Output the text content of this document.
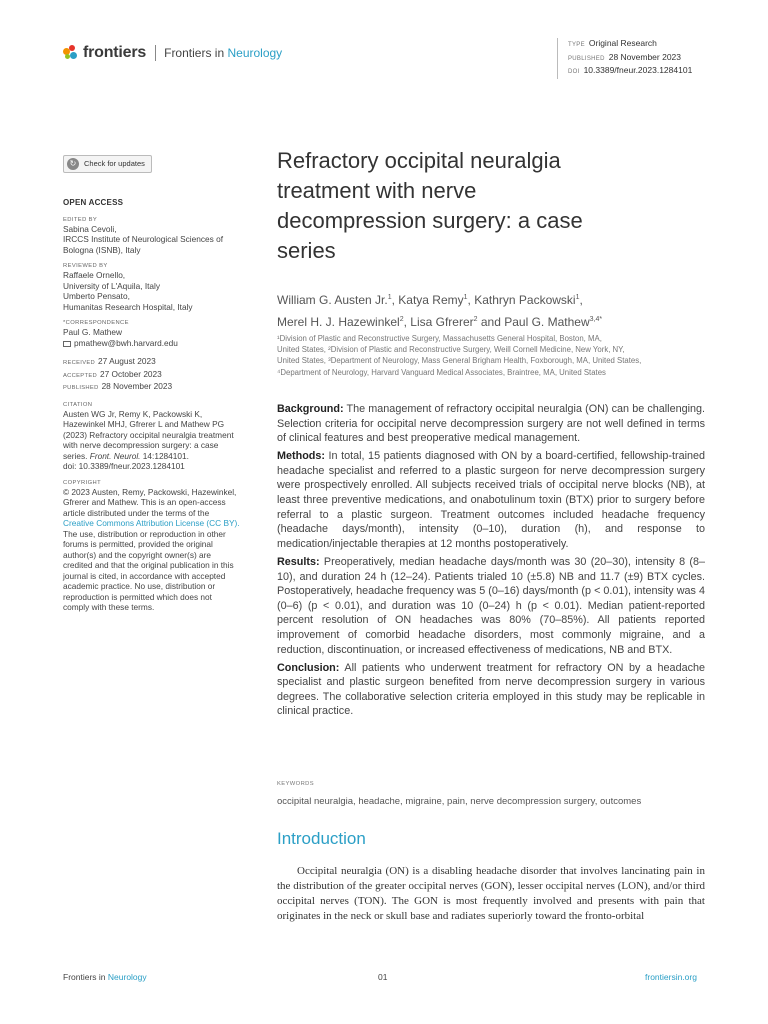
frontiers Frontiers in Neurology
TYPE Original Research
PUBLISHED 28 November 2023
DOI 10.3389/fneur.2023.1284101
↻	Check for updates
OPEN ACCESS
EDITED BY
Sabina Cevoli,
IRCCS Institute of Neurological Sciences of
Bologna (ISNB), Italy
REVIEWED BY
Raffaele Ornello,
University of L'Aquila, Italy
Umberto Pensato,
Humanitas Research Hospital, Italy
*CORRESPONDENCE
Paul G. Mathew
pmathew@bwh.harvard.edu
RECEIVED 27 August 2023
ACCEPTED 27 October 2023
PUBLISHED 28 November 2023
CITATION
Austen WG Jr, Remy K, Packowski K,
Hazewinkel MHJ, Gfrerer L and Mathew PG
(2023) Refractory occipital neuralgia treatment
with nerve decompression surgery: a case
series. Front. Neurol. 14:1284101.
doi: 10.3389/fneur.2023.1284101
COPYRIGHT
© 2023 Austen, Remy, Packowski, Hazewinkel,
Gfrerer and Mathew. This is an open-access
article distributed under the terms of the
Creative Commons Attribution License (CC BY).
The use, distribution or reproduction in other
forums is permitted, provided the original
author(s) and the copyright owner(s) are
credited and that the original publication in this
journal is cited, in accordance with accepted
academic practice. No use, distribution or
reproduction is permitted which does not
comply with these terms.
Refractory occipital neuralgia
treatment with nerve
decompression surgery: a case
series
William G. Austen Jr.$^1$, Katya Remy$^1$, Kathryn Packowski$^1$,
Merel H. J. Hazewinkel$^2$, Lisa Gfrerer$^2$ and Paul G. Mathew$^{3,4*}$
¹Division of Plastic and Reconstructive Surgery, Massachusetts General Hospital, Boston, MA,
United States, ²Division of Plastic and Reconstructive Surgery, Weill Cornell Medicine, New York, NY,
United States, ³Department of Neurology, Mass General Brigham Health, Foxborough, MA, United States,
⁴Department of Neurology, Harvard Vanguard Medical Associates, Braintree, MA, United States

Background: The management of refractory occipital neuralgia (ON) can be challenging. Selection criteria for occipital nerve decompression surgery are not well defined in terms of clinical features and best preoperative medical management.

Methods: In total, 15 patients diagnosed with ON by a board-certified, fellowship-trained headache specialist and referred to a plastic surgeon for nerve decompression surgery were prospectively enrolled. All subjects received trials of occipital nerve blocks (NB), at least three preventive medications, and onabotulinum toxin (BTX) prior to surgery before referral to a plastic surgeon. Treatment outcomes included headache frequency (headache days/month), intensity (0–10), duration (h), and response to medication/injectable therapies at 12 months postoperatively.

Results: Preoperatively, median headache days/month was 30 (20–30), intensity 8 (8–10), and duration 24 h (12–24). Patients trialed 10 (±5.8) NB and 11.7 (±9) BTX cycles. Postoperatively, headache frequency was 5 (0–16) days/month (p < 0.01), intensity was 4 (0–6) (p < 0.01), and duration was 10 (0–24) h (p < 0.01). Median patient-reported percent resolution of ON headaches was 80% (70–85%). All patients reported improvement of comorbid headache disorders, most commonly migraine, and a reduction, discontinuation, or increased effectiveness of medications, NB and BTX.

Conclusion: All patients who underwent treatment for refractory ON by a headache specialist and plastic surgeon benefited from nerve decompression surgery in various degrees. The collaborative selection criteria employed in this study may be replicable in clinical practice.

KEYWORDS
occipital neuralgia, headache, migraine, pain, nerve decompression surgery, outcomes
Introduction

Occipital neuralgia (ON) is a disabling headache disorder that involves lancinating pain in the distribution of the greater occipital nerves (GON), lesser occipital nerves (LON), and/or third occipital nerves (TON). The GON is most frequently involved and presents with pain that originates in the neck or skull base and radiates superiorly toward the fronto-orbital

Frontiers in Neurology	01	frontiersin.org
